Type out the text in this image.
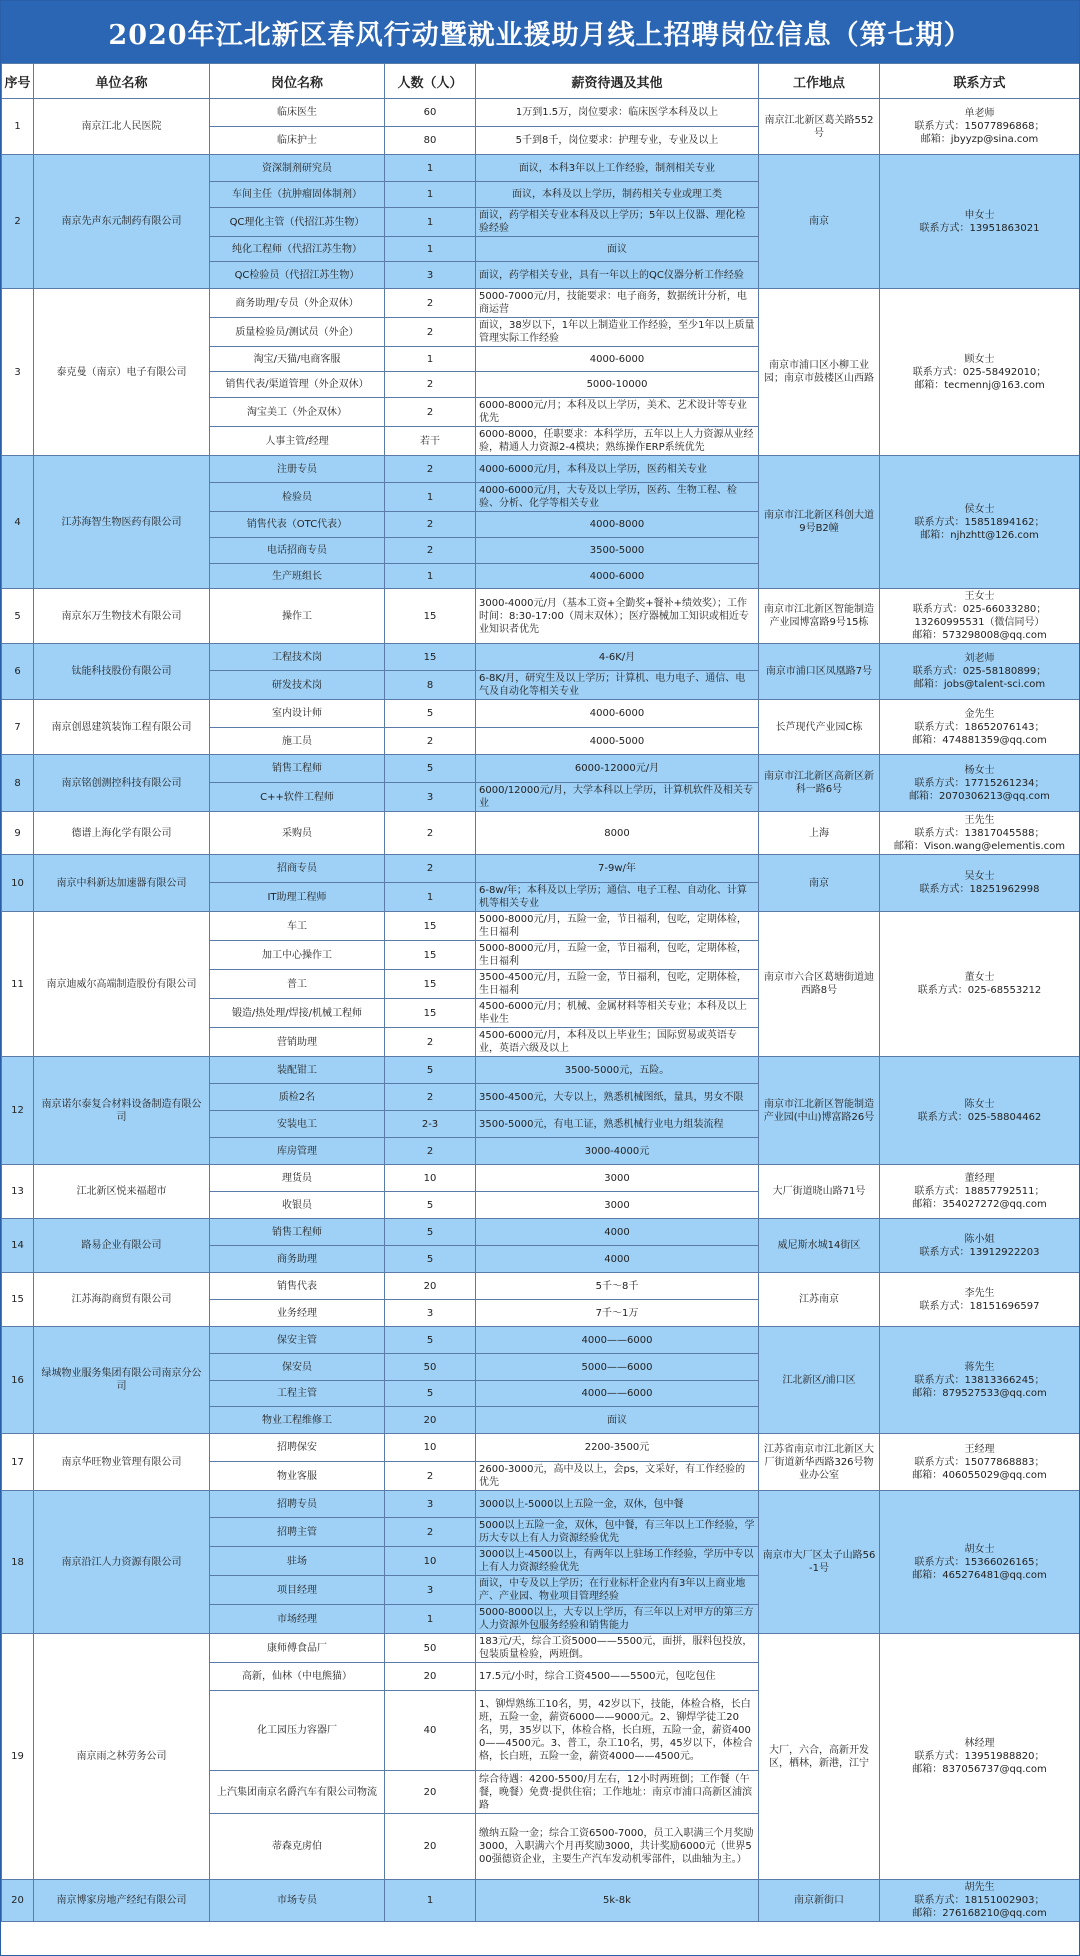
2020年江北新区春风行动暨就业援助月线上招聘岗位信息（第七期）
序号	单位名称	岗位名称	人数（人）	薪资待遇及其他	工作地点	联系方式
1	南京江北人民医院	临床医生	60	1万到1.5万，岗位要求：临床医学本科及以上	南京江北新区葛关路552号	单老师
联系方式：15077896868；
邮箱：jbyyzp@sina.com

		临床护士	80	5千到8千，岗位要求：护理专业，专业及以上		
2	南京先声东元制药有限公司	资深制剂研究员	1	面议，本科3年以上工作经验，制剂相关专业	南京	申女士
联系方式：13951863021

		车间主任（抗肿瘤固体制剂）	1	面议，本科及以上学历，制药相关专业或理工类		
		QC理化主管（代招江苏生物）	1	面议，药学相关专业本科及以上学历；5年以上仪器、理化检验经验		
		纯化工程师（代招江苏生物）	1	面议		
		QC检验员（代招江苏生物）	3	面议，药学相关专业，具有一年以上的QC仪器分析工作经验		
3	泰克曼（南京）电子有限公司	商务助理/专员（外企双休）	2	5000-7000元/月，技能要求：电子商务，数据统计分析，电商运营	南京市浦口区小柳工业园；南京市鼓楼区山西路	顾女士
联系方式：025-58492010；
邮箱：tecmennj@163.com

		质量检验员/测试员（外企）	2	面议，38岁以下，1年以上制造业工作经验，至少1年以上质量管理实际工作经验		
		淘宝/天猫/电商客服	1	4000-6000		
		销售代表/渠道管理（外企双休）	2	5000-10000		
		淘宝美工（外企双休）	2	6000-8000元/月；本科及以上学历，美术、艺术设计等专业优先		
		人事主管/经理	若干	6000-8000，任职要求：本科学历，五年以上人力资源从业经验，精通人力资源2-4模块；熟练操作ERP系统优先		
4	江苏海智生物医药有限公司	注册专员	2	4000-6000元/月，本科及以上学历，医药相关专业	南京市江北新区科创大道9号B2幢	侯女士
联系方式：15851894162；
邮箱：njhzhtt@126.com

		检验员	1	4000-6000元/月，大专及以上学历，医药、生物工程、检验、分析、化学等相关专业		
		销售代表（OTC代表）	2	4000-8000		
		电话招商专员	2	3500-5000		
		生产班组长	1	4000-6000		
5	南京东万生物技术有限公司	操作工	15	3000-4000元/月（基本工资+全勤奖+餐补+绩效奖）；工作时间：8:30-17:00（周末双休）；医疗器械加工知识或相近专业知识者优先	南京市江北新区智能制造产业园博富路9号15栋	王女士
联系方式：025-66033280；
13260995531（微信同号）
邮箱：573298008@qq.com

6	钛能科技股份有限公司	工程技术岗	15	4-6K/月	南京市浦口区凤凰路7号	刘老师
联系方式：025-58180899；
邮箱：jobs@talent-sci.com

		研发技术岗	8	6-8K/月，研究生及以上学历；计算机、电力电子、通信、电气及自动化等相关专业		
7	南京创恩建筑装饰工程有限公司	室内设计师	5	4000-6000	长芦现代产业园C栋	金先生
联系方式：18652076143；
邮箱：474881359@qq.com

		施工员	2	4000-5000		
8	南京铭创测控科技有限公司	销售工程师	5	6000-12000元/月	南京市江北新区高新区新科一路6号	杨女士
联系方式：17715261234；
邮箱：2070306213@qq.com

		C++软件工程师	3	6000/12000元/月，大学本科以上学历，计算机软件及相关专业		
9	德谱上海化学有限公司	采购员	2	8000	上海	王先生
联系方式：13817045588；
邮箱：Vison.wang@elementis.com

10	南京中科新达加速器有限公司	招商专员	2	7-9w/年	南京	吴女士
联系方式：18251962998

		IT助理工程师	1	6-8w/年；本科及以上学历；通信、电子工程、自动化、计算机等相关专业		
11	南京迪威尔高端制造股份有限公司	车工	15	5000-8000元/月，五险一金，节日福利，包吃，定期体检，生日福利	南京市六合区葛塘街道迪西路8号	董女士
联系方式：025-68553212

		加工中心操作工	15	5000-8000元/月，五险一金，节日福利，包吃，定期体检，生日福利		
		普工	15	3500-4500元/月，五险一金，节日福利，包吃，定期体检，生日福利		
		锻造/热处理/焊接/机械工程师	15	4500-6000元/月；机械、金属材料等相关专业；本科及以上毕业生		
		营销助理	2	4500-6000元/月，本科及以上毕业生；国际贸易或英语专业，英语六级及以上		
12	南京诺尔泰复合材料设备制造有限公司	装配钳工	5	3500-5000元，五险。	南京市江北新区智能制造产业园(中山)博富路26号	陈女士
联系方式：025-58804462

		质检2名	2	3500-4500元，大专以上，熟悉机械图纸，量具，男女不限		
		安装电工	2-3	3500-5000元，有电工证，熟悉机械行业电力组装流程		
		库房管理	2	3000-4000元		
13	江北新区悦来福超市	理货员	10	3000	大厂街道晓山路71号	董经理
联系方式：18857792511；
邮箱：354027272@qq.com

		收银员	5	3000		
14	路易企业有限公司	销售工程师	5	4000	威尼斯水城14街区	陈小姐
联系方式：13912922203

		商务助理	5	4000		
15	江苏海韵商贸有限公司	销售代表	20	5千～8千	江苏南京	李先生
联系方式：18151696597

		业务经理	3	7千～1万		
16	绿城物业服务集团有限公司南京分公司	保安主管	5	4000——6000	江北新区/浦口区	蒋先生
联系方式：13813366245；
邮箱：879527533@qq.com

		保安员	50	5000——6000		
		工程主管	5	4000——6000		
		物业工程维修工	20	面议		
17	南京华旺物业管理有限公司	招聘保安	10	2200-3500元	江苏省南京市江北新区大厂街道新华西路326号物业办公室	王经理
联系方式：15077868883；
邮箱：406055029@qq.com

		物业客服	2	2600-3000元，高中及以上，会ps，文采好，有工作经验的优先		
18	南京沿江人力资源有限公司	招聘专员	3	3000以上-5000以上五险一金，双休，包中餐	南京市大厂区太子山路56-1号	胡女士
联系方式：15366026165；
邮箱：465276481@qq.com

		招聘主管	2	5000以上五险一金，双休，包中餐，有三年以上工作经验，学历大专以上有人力资源经验优先		
		驻场	10	3000以上-4500以上，有两年以上驻场工作经验，学历中专以上有人力资源经验优先		
		项目经理	3	面议，中专及以上学历；在行业标杆企业内有3年以上商业地产、产业园、物业项目管理经验		
		市场经理	1	5000-8000以上，大专以上学历，有三年以上对甲方的第三方人力资源外包服务经验和销售能力		
19	南京雨之林劳务公司	康师傅食品厂	50	183元/天，综合工资5000——5500元，面拼，服料包投放，包装质量检验，两班倒。	大厂，六合，高新开发区，栖林，新港，江宁	林经理
联系方式：13951988820；
邮箱：837056737@qq.com

		高新，仙林（中电熊猫）	20	17.5元/小时，综合工资4500——5500元，包吃包住		
		化工园压力容器厂	40	1、铆焊熟练工10名，男，42岁以下，技能，体检合格，长白班，五险一金，薪资6000——9000元。2、铆焊学徒工20名，男，35岁以下，体检合格，长白班，五险一金，薪资4000——4500元。3、普工，杂工10名，男，45岁以下，体检合格，长白班，五险一金，薪资4000——4500元。		
		上汽集团南京名爵汽车有限公司物流	20	综合待遇：4200-5500/月左右，12小时两班倒；工作餐（午餐，晚餐）免费·提供住宿；工作地址：南京市浦口高新区浦滨路		
		蒂森克虏伯	20	缴纳五险一金；综合工资6500-7000，员工入职满三个月奖励3000，入职满六个月再奖励3000，共计奖励6000元（世界500强德资企业，主要生产汽车发动机零部件，以曲轴为主。）		
20	南京博家房地产经纪有限公司	市场专员	1	5k-8k	南京新街口	胡先生
联系方式：18151002903；
邮箱：276168210@qq.com
